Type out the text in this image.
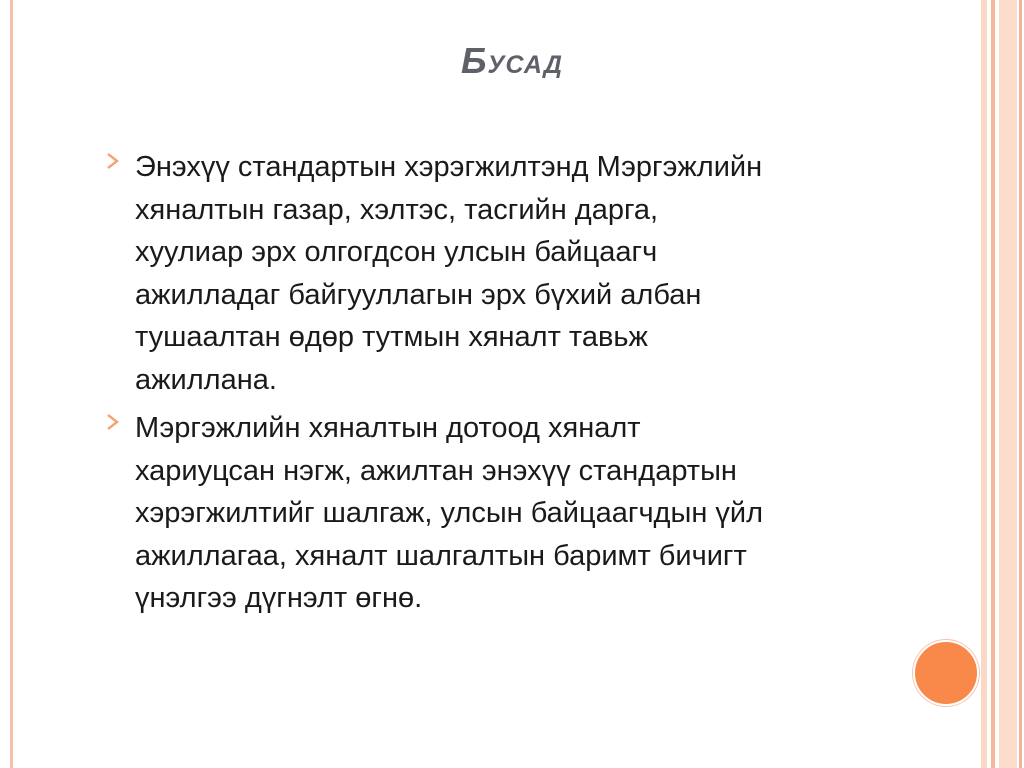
Бусад
Энэхүү стандартын хэрэгжилтэнд Мэргэжлийн
хяналтын газар, хэлтэс, тасгийн дарга,
хуулиар эрх олгогдсон улсын байцаагч
ажилладаг байгууллагын эрх бүхий албан
тушаалтан өдөр тутмын хяналт тавьж
ажиллана.
Мэргэжлийн хяналтын дотоод хяналт
хариуцсан нэгж, ажилтан энэхүү стандартын
хэрэгжилтийг шалгаж, улсын байцаагчдын үйл
ажиллагаа, хяналт шалгалтын баримт бичигт
үнэлгээ дүгнэлт өгнө.
